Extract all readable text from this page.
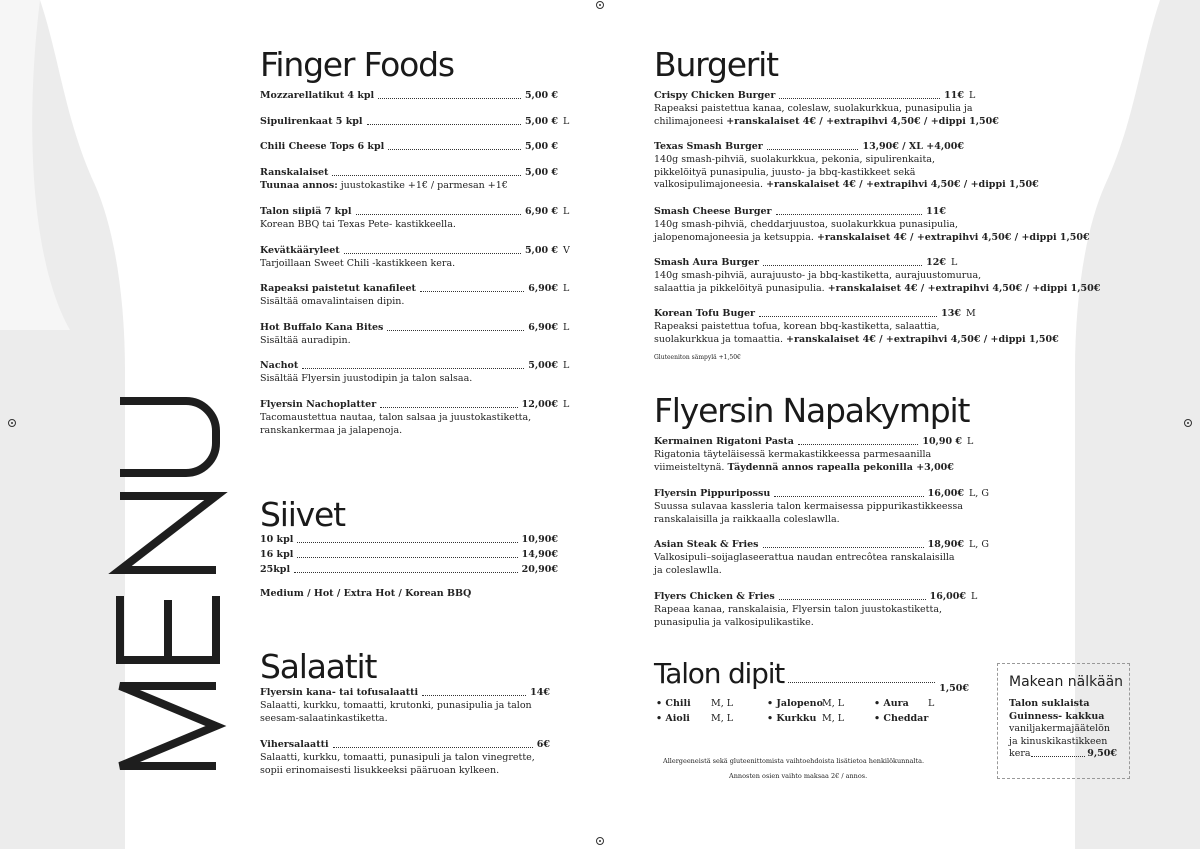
Finger Foods
Mozzarellatikut 4 kpl	5,00 €
Sipulirenkaat 5 kpl	5,00 € L
Chili Cheese Tops 6 kpl	5,00 €
Ranskalaiset	5,00 €
Tuunaa annos: juustokastike +1€ / parmesan +1€
Talon siipiä 7 kpl	6,90 € L
Korean BBQ tai Texas Pete- kastikkeella.
Kevätkääryleet	5,00 € V
Tarjoillaan Sweet Chili -kastikkeen kera.
Rapeaksi paistetut kanafileet	6,90€ L
Sisältää omavalintaisen dipin.
Hot Buffalo Kana Bites	6,90€ L
Sisältää auradipin.
Nachot	5,00€ L
Sisältää Flyersin juustodipin ja talon salsaa.
Flyersin Nachoplatter	12,00€ L
Tacomaustettua nautaa, talon salsaa ja juustokastiketta,
ranskankermaa ja jalapenoja.
Siivet
10 kpl	10,90€
16 kpl	14,90€
25kpl	20,90€
Medium / Hot / Extra Hot / Korean BBQ
Salaatit
Flyersin kana- tai tofusalaatti	14€
Salaatti, kurkku, tomaatti, krutonki, punasipulia ja talon
seesam-salaatinkastiketta.
Vihersalaatti	6€
Salaatti, kurkku, tomaatti, punasipuli ja talon vinegrette,
sopii erinomaisesti lisukkeeksi pääruoan kylkeen.
Burgerit
Crispy Chicken Burger	11€ L
Rapeaksi paistettua kanaa, coleslaw, suolakurkkua, punasipulia ja
chilimajoneesi +ranskalaiset 4€ / +extrapihvi 4,50€ / +dippi 1,50€
Texas Smash Burger	13,90€ / XL +4,00€
140g smash-pihviä, suolakurkkua, pekonia, sipulirenkaita,
pikkelöityä punasipulia, juusto- ja bbq-kastikkeet sekä
valkosipulimajoneesia. +ranskalaiset 4€ / +extrapihvi 4,50€ / +dippi 1,50€
Smash Cheese Burger	11€
140g smash-pihviä, cheddarjuustoa, suolakurkkua punasipulia,
jalopenomajoneesia ja ketsuppia. +ranskalaiset 4€ / +extrapihvi 4,50€ / +dippi 1,50€
Smash Aura Burger	12€ L
140g smash-pihviä, aurajuusto- ja bbq-kastiketta, aurajuustomurua,
salaattia ja pikkelöityä punasipulia. +ranskalaiset 4€ / +extrapihvi 4,50€ / +dippi 1,50€
Korean Tofu Buger	13€ M
Rapeaksi paistettua tofua, korean bbq-kastiketta, salaattia,
suolakurkkua ja tomaattia. +ranskalaiset 4€ / +extrapihvi 4,50€ / +dippi 1,50€
Gluteeniton sämpylä +1,50€
Flyersin Napakympit
Kermainen Rigatoni Pasta	10,90 € L
Rigatonia täyteläisessä kermakastikkeessa parmesaanilla
viimeisteltynä. Täydennä annos rapealla pekonilla +3,00€
Flyersin Pippuripossu	16,00€ L, G
Suussa sulavaa kassleria talon kermaisessa pippurikastikkeessa
ranskalaisilla ja raikkaalla coleslawlla.
Asian Steak & Fries	18,90€ L, G
Valkosipuli–soijaglaseerattua naudan entrecôtea ranskalaisilla
ja coleslawlla.
Flyers Chicken & Fries	16,00€ L
Rapeaa kanaa, ranskalaisia, Flyersin talon juustokastiketta,
punasipulia ja valkosipulikastike.
Talon dipit	1,50€
• Chili M, L
• Aioli M, L
• Jalopeno M, L
• Kurkku M, L
• Aura L
• Cheddar
Allergeeneistä sekä gluteenittomista vaihtoehdoista lisätietoa henkilökunnalta.
Annosten osien vaihto maksaa 2€ / annos.
Makean nälkään
Talon suklaista
Guinness- kakkua
vaniljakermajäätelön
ja kinuskikastikkeen
kera	9,50€
